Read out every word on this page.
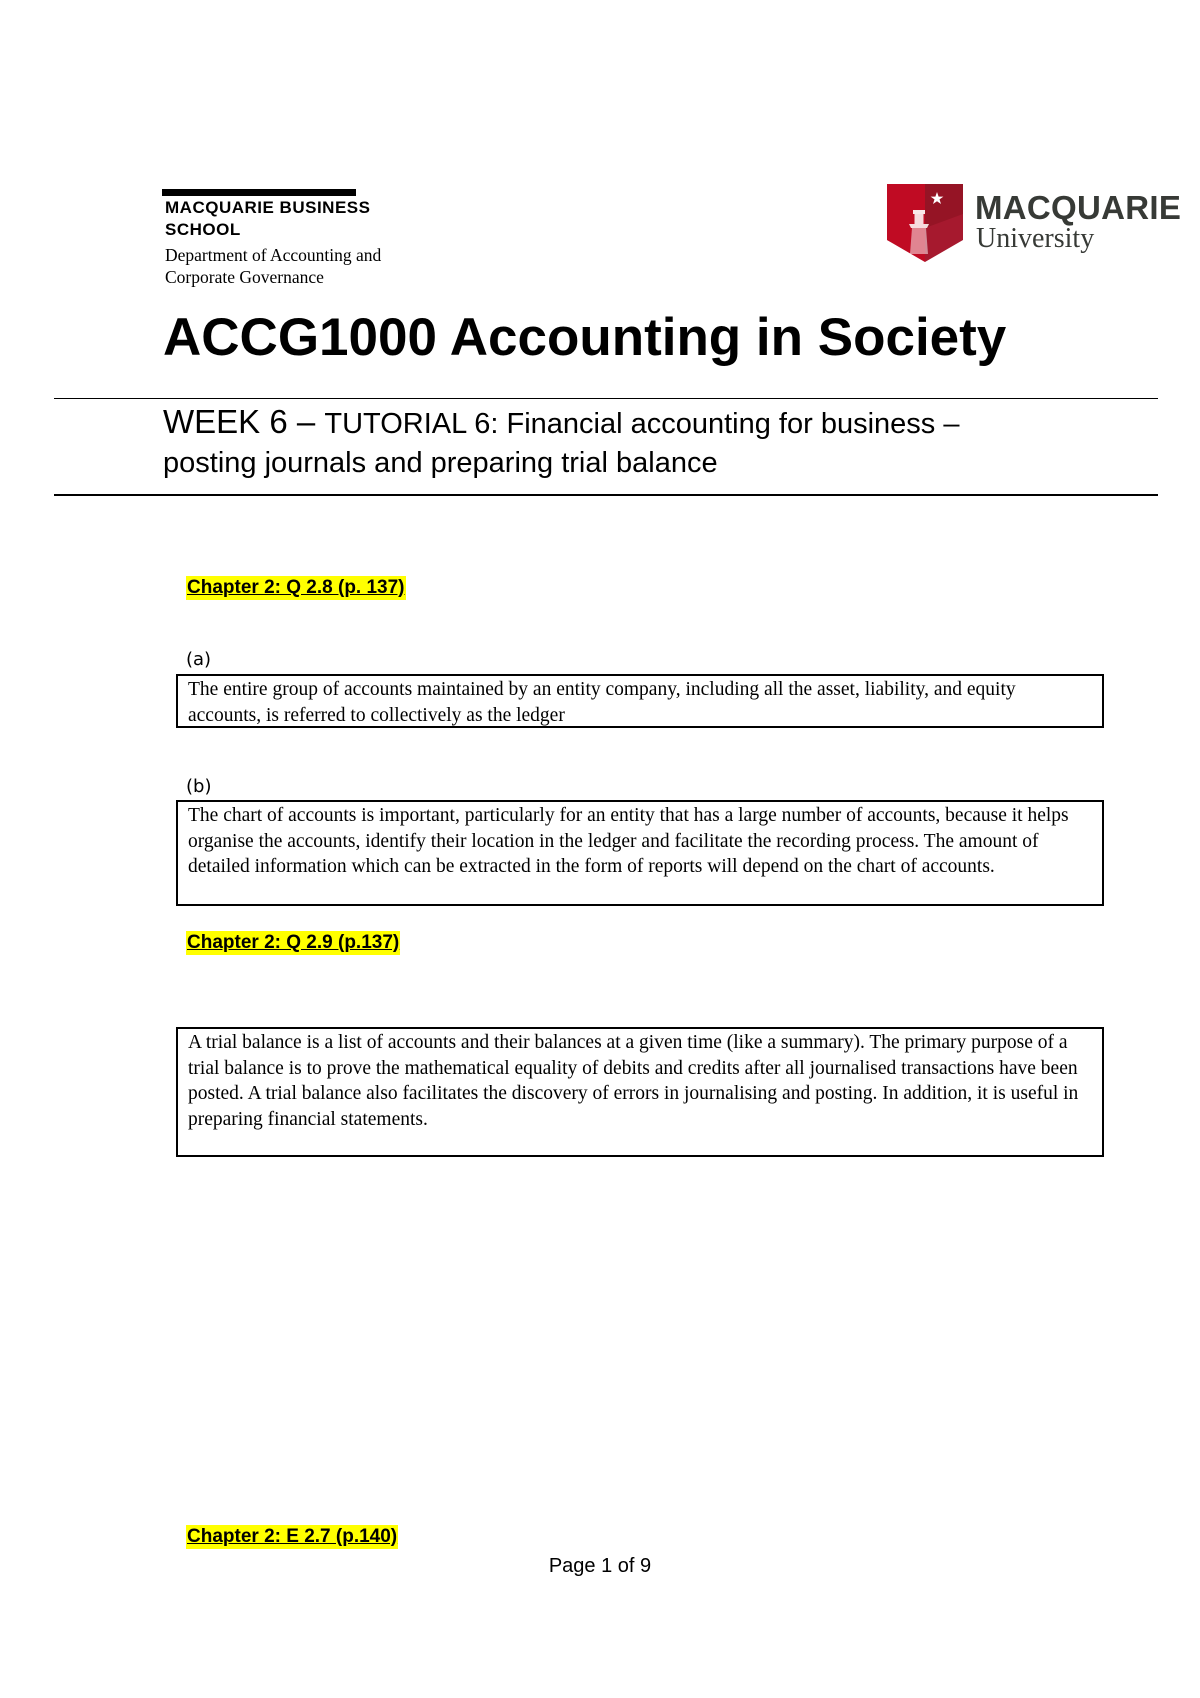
MACQUARIE BUSINESS
SCHOOL
Department of Accounting and
Corporate Governance
MACQUARIE
University
ACCG1000 Accounting in Society
WEEK 6 – TUTORIAL 6: Financial accounting for business –
posting journals and preparing trial balance
Chapter 2: Q 2.8 (p. 137)
(a)
The entire group of accounts maintained by an entity company, including all the asset, liability, and equity accounts, is referred to collectively as the ledger
(b)
The chart of accounts is important, particularly for an entity that has a large number of accounts, because it helps organise the accounts, identify their location in the ledger and facilitate the recording process. The amount of detailed information which can be extracted in the form of reports will depend on the chart of accounts.
Chapter 2: Q 2.9 (p.137)
A trial balance is a list of accounts and their balances at a given time (like a summary). The primary purpose of a trial balance is to prove the mathematical equality of debits and credits after all journalised transactions have been posted. A trial balance also facilitates the discovery of errors in journalising and posting. In addition, it is useful in preparing financial statements.
Chapter 2: E 2.7 (p.140)
Page 1 of 9
